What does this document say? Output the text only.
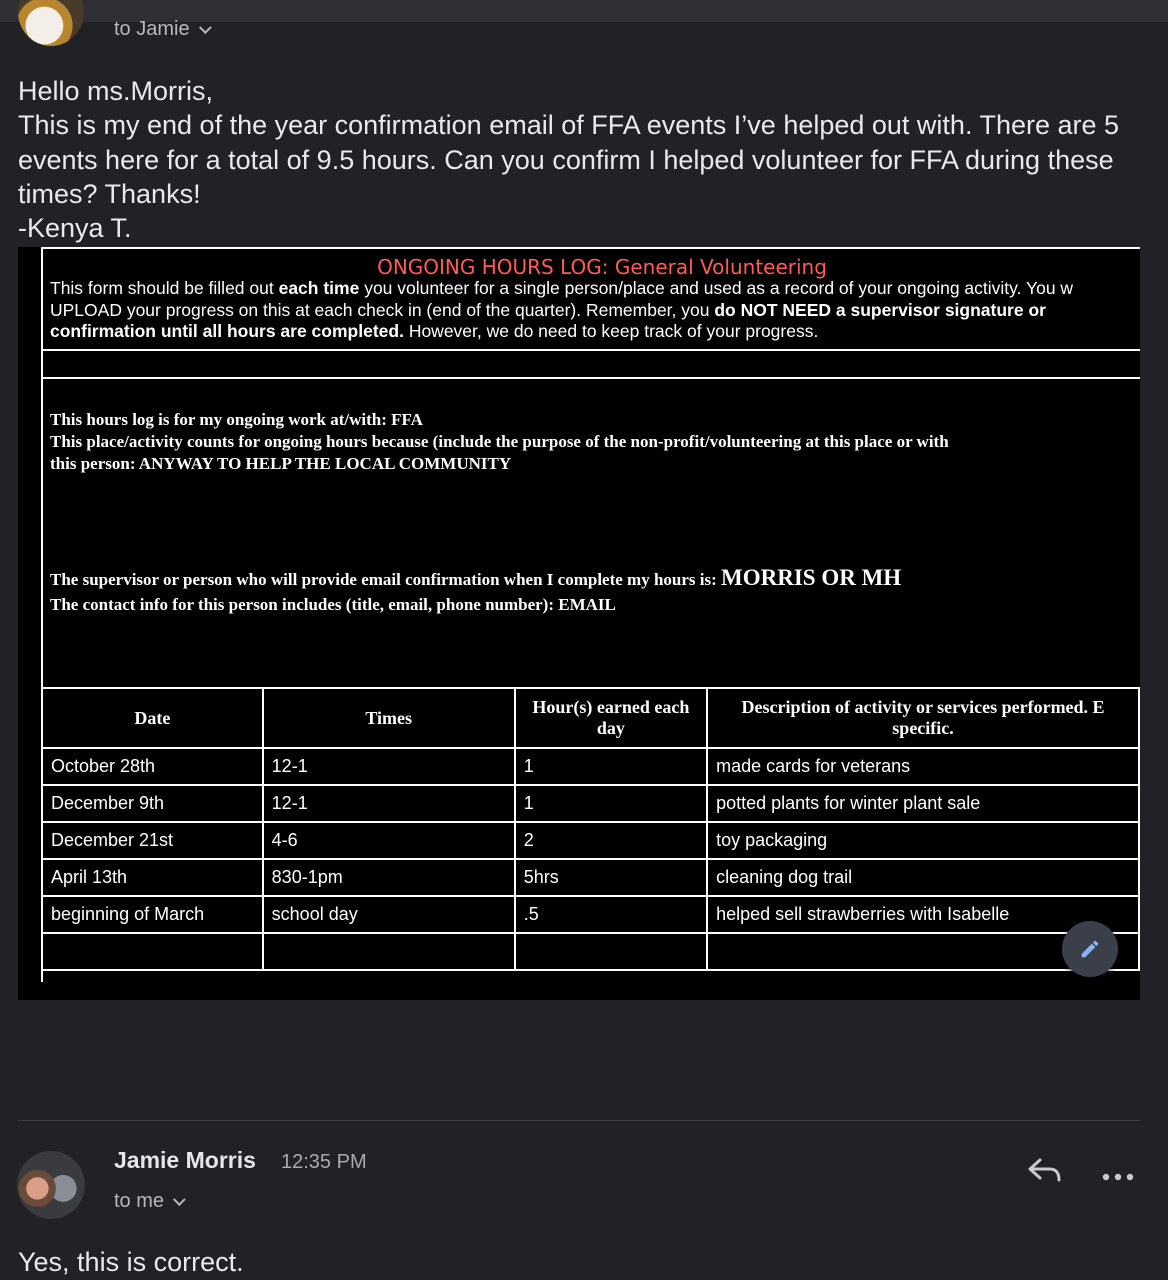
to Jamie

Hello ms.Morris,

This is my end of the year confirmation email of FFA events I’ve helped out with. There are 5 events here for a total of 9.5 hours. Can you confirm I helped volunteer for FFA during these times? Thanks!

-Kenya T.

ONGOING HOURS LOG: General Volunteering
This form should be filled out each time you volunteer for a single person/place and used as a record of your ongoing activity. You w
UPLOAD your progress on this at each check in (end of the quarter). Remember, you do NOT NEED a supervisor signature or
confirmation until all hours are completed. However, we do need to keep track of your progress.
This hours log is for my ongoing work at/with: FFA
This place/activity counts for ongoing hours because (include the purpose of the non-profit/volunteering at this place or with
this person: ANYWAY TO HELP THE LOCAL COMMUNITY
The supervisor or person who will provide email confirmation when I complete my hours is: MORRIS OR MH
The contact info for this person includes (title, email, phone number): EMAIL
Date	Times	Hour(s) earned each day	Description of activity or services performed. E specific.
October 28th	12-1	1	made cards for veterans
December 9th	12-1	1	potted plants for winter plant sale
December 21st	4-6	2	toy packaging
April 13th	830-1pm	5hrs	cleaning dog trail
beginning of March	school day	.5	helped sell strawberries with Isabelle

Jamie Morris 12:35 PM
to me
Yes, this is correct.
